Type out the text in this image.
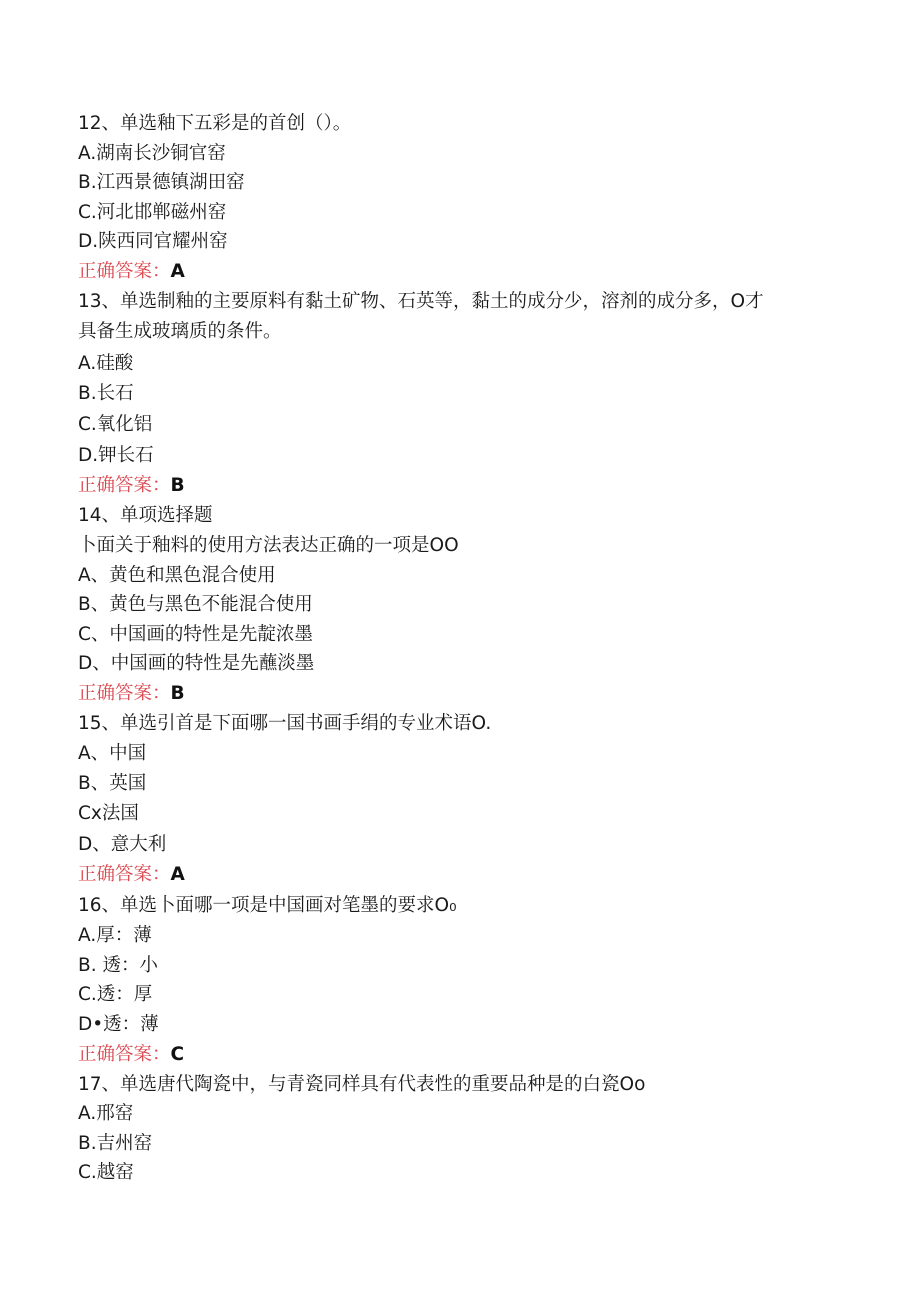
12、单选釉下五彩是的首创（）。
A.湖南长沙铜官窑
B.江西景德镇湖田窑
C.河北邯郸磁州窑
D.陕西同官耀州窑
正确答案：A
13、单选制釉的主要原料有黏土矿物、石英等，黏土的成分少，溶剂的成分多，O才
具备生成玻璃质的条件。
A.硅酸
B.长石
C.氧化铝
D.钾长石
正确答案：B
14、单项选择题
卜面关于釉料的使用方法表达正确的一项是OO
A、黄色和黑色混合使用
B、黄色与黑色不能混合使用
C、中国画的特性是先靛浓墨
D、中国画的特性是先蘸淡墨
正确答案：B
15、单选引首是下面哪一国书画手绢的专业术语O.
A、中国
B、英国
Cx法国
D、意大利
正确答案：A
16、单选卜面哪一项是中国画对笔墨的要求O₀
A.厚：薄
B. 透：小
C.透：厚
D•透：薄
正确答案：C
17、单选唐代陶瓷中，与青瓷同样具有代表性的重要品种是的白瓷Oo
A.邢窑
B.吉州窑
C.越窑
